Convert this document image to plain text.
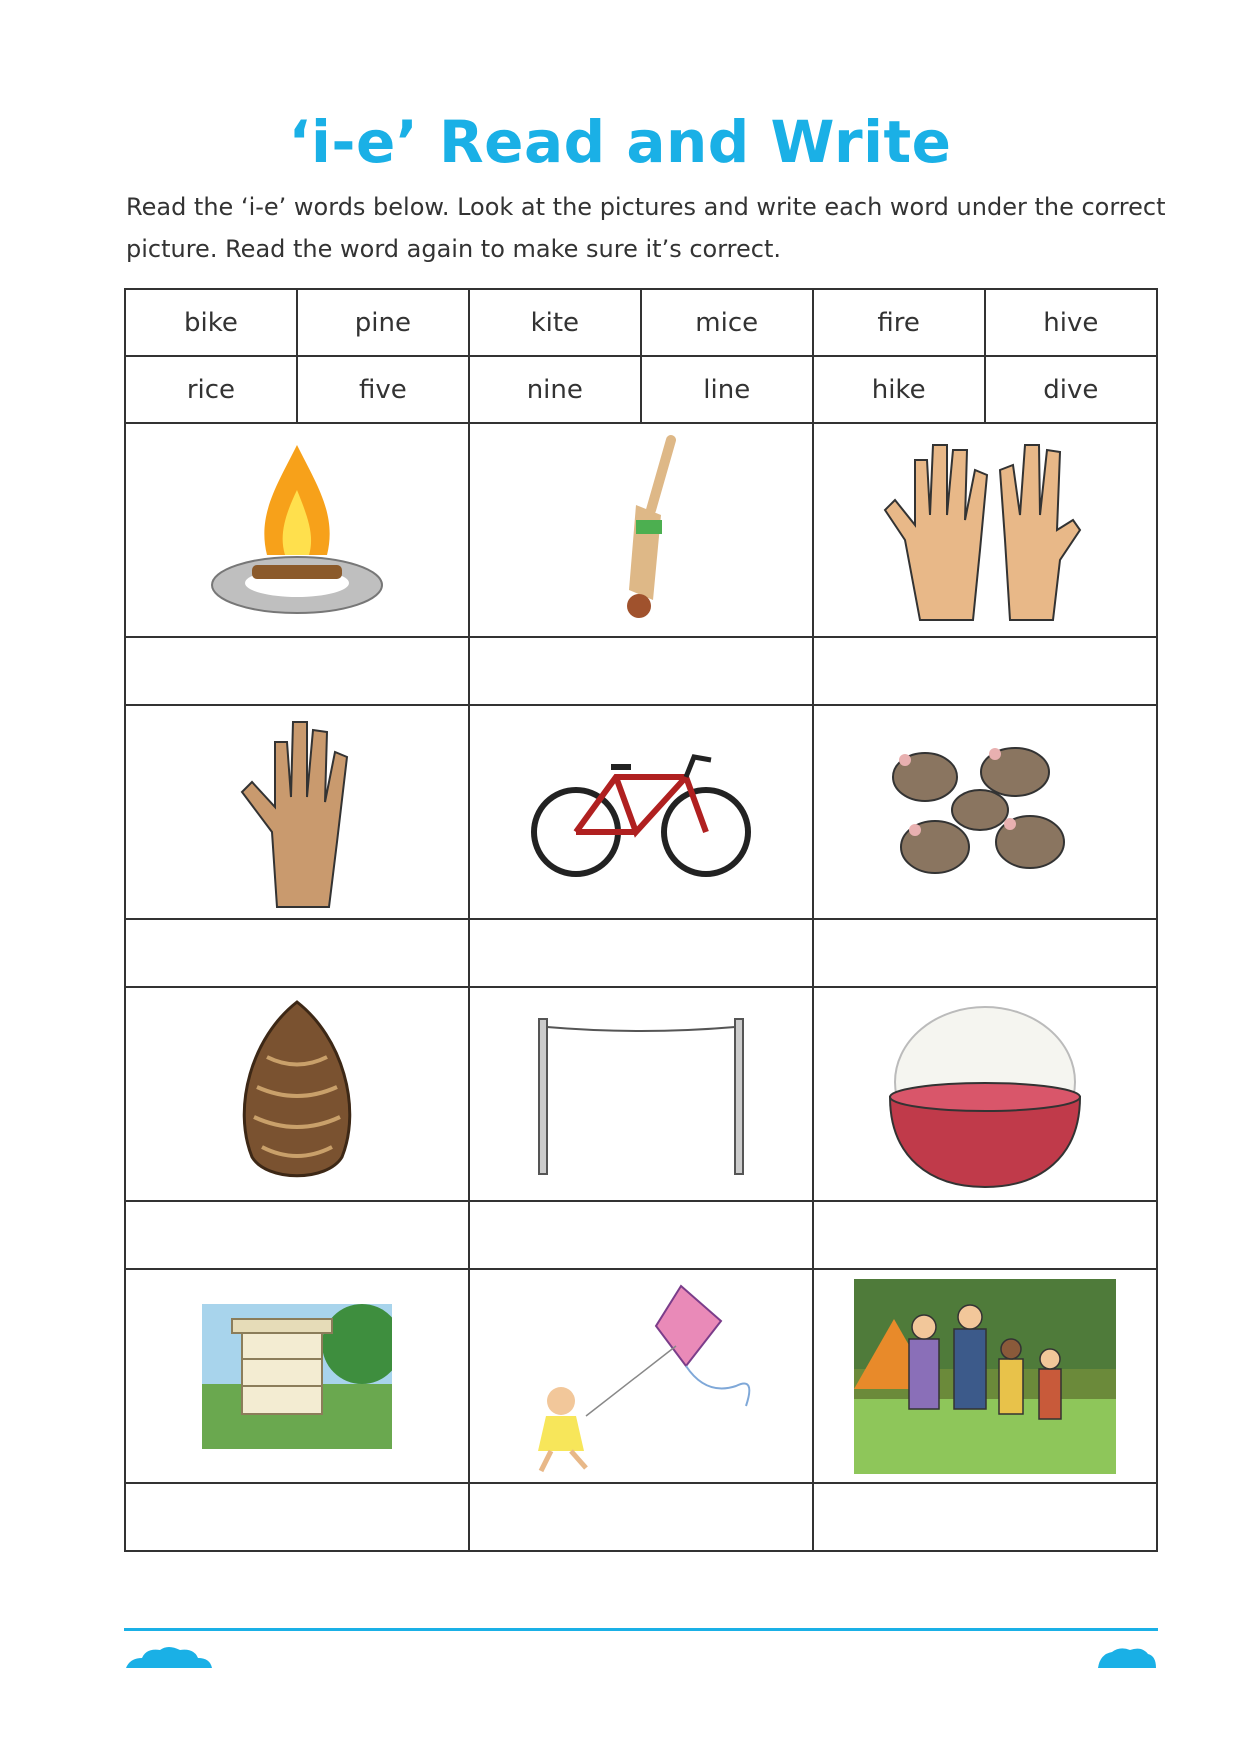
‘i-e’ Read and Write
Read the ‘i-e’ words below. Look at the pictures and write each word under the correct picture. Read the word again to make sure it’s correct.
bike	pine	kite	mice	fire	hive
rice	five	nine	line	hike	dive
